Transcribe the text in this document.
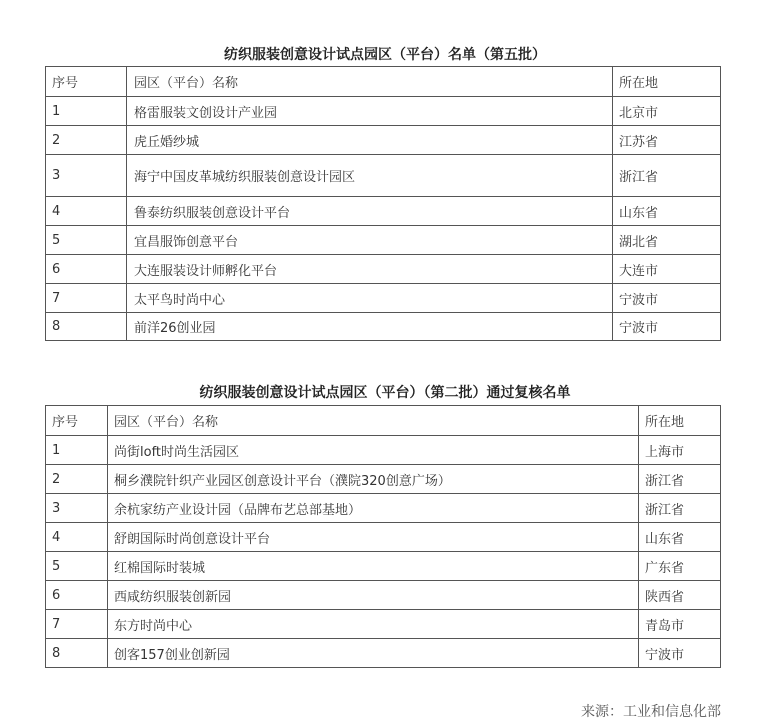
纺织服装创意设计试点园区（平台）名单（第五批）
序号	园区（平台）名称	所在地
1	格雷服装文创设计产业园	北京市
2	虎丘婚纱城	江苏省
3	海宁中国皮革城纺织服装创意设计园区	浙江省
4	鲁泰纺织服装创意设计平台	山东省
5	宜昌服饰创意平台	湖北省
6	大连服装设计师孵化平台	大连市
7	太平鸟时尚中心	宁波市
8	前洋26创业园	宁波市
纺织服装创意设计试点园区（平台）（第二批）通过复核名单
序号	园区（平台）名称	所在地
1	尚街loft时尚生活园区	上海市
2	桐乡濮院针织产业园区创意设计平台（濮院320创意广场）	浙江省
3	余杭家纺产业设计园（品牌布艺总部基地）	浙江省
4	舒朗国际时尚创意设计平台	山东省
5	红棉国际时装城	广东省
6	西咸纺织服装创新园	陕西省
7	东方时尚中心	青岛市
8	创客157创业创新园	宁波市
来源：工业和信息化部
